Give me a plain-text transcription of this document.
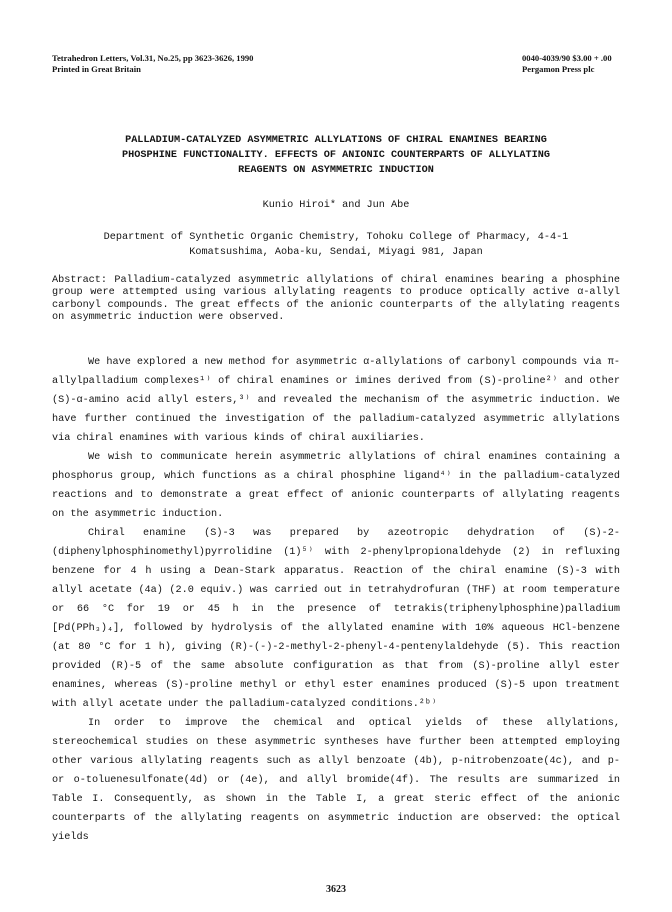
Tetrahedron Letters, Vol.31, No.25, pp 3623-3626, 1990
Printed in Great Britain
0040-4039/90 $3.00 + .00
Pergamon Press plc
PALLADIUM-CATALYZED ASYMMETRIC ALLYLATIONS OF CHIRAL ENAMINES BEARING
PHOSPHINE FUNCTIONALITY. EFFECTS OF ANIONIC COUNTERPARTS OF ALLYLATING
REAGENTS ON ASYMMETRIC INDUCTION
Kunio Hiroi* and Jun Abe
Department of Synthetic Organic Chemistry, Tohoku College of Pharmacy, 4-4-1
Komatsushima, Aoba-ku, Sendai, Miyagi 981, Japan
Abstract: Palladium-catalyzed asymmetric allylations of chiral enamines bearing a phosphine group were attempted using various allylating reagents to produce optically active α-allyl carbonyl compounds. The great effects of the anionic counterparts of the allylating reagents on asymmetric induction were observed.

We have explored a new method for asymmetric α-allylations of carbonyl compounds via π-allylpalladium complexes¹⁾ of chiral enamines or imines derived from (S)-proline²⁾ and other (S)-α-amino acid allyl esters,³⁾ and revealed the mechanism of the asymmetric induction. We have further continued the investigation of the palladium-catalyzed asymmetric allylations via chiral enamines with various kinds of chiral auxiliaries.

We wish to communicate herein asymmetric allylations of chiral enamines containing a phosphorus group, which functions as a chiral phosphine ligand⁴⁾ in the palladium-catalyzed reactions and to demonstrate a great effect of anionic counterparts of allylating reagents on the asymmetric induction.

Chiral enamine (S)-3 was prepared by azeotropic dehydration of (S)-2-(diphenylphosphinomethyl)pyrrolidine (1)⁵⁾ with 2-phenylpropionaldehyde (2) in refluxing benzene for 4 h using a Dean-Stark apparatus. Reaction of the chiral enamine (S)-3 with allyl acetate (4a) (2.0 equiv.) was carried out in tetrahydrofuran (THF) at room temperature or 66 °C for 19 or 45 h in the presence of tetrakis(triphenylphosphine)palladium [Pd(PPh₃)₄], followed by hydrolysis of the allylated enamine with 10% aqueous HCl-benzene (at 80 °C for 1 h), giving (R)-(-)-2-methyl-2-phenyl-4-pentenylaldehyde (5). This reaction provided (R)-5 of the same absolute configuration as that from (S)-proline allyl ester enamines, whereas (S)-proline methyl or ethyl ester enamines produced (S)-5 upon treatment with allyl acetate under the palladium-catalyzed conditions.²ᵇ⁾

In order to improve the chemical and optical yields of these allylations, stereochemical studies on these asymmetric syntheses have further been attempted employing other various allylating reagents such as allyl benzoate (4b), p-nitrobenzoate(4c), and p- or o-toluenesulfonate(4d) or (4e), and allyl bromide(4f). The results are summarized in Table I. Consequently, as shown in the Table I, a great steric effect of the anionic counterparts of the allylating reagents on asymmetric induction are observed: the optical yields

3623
